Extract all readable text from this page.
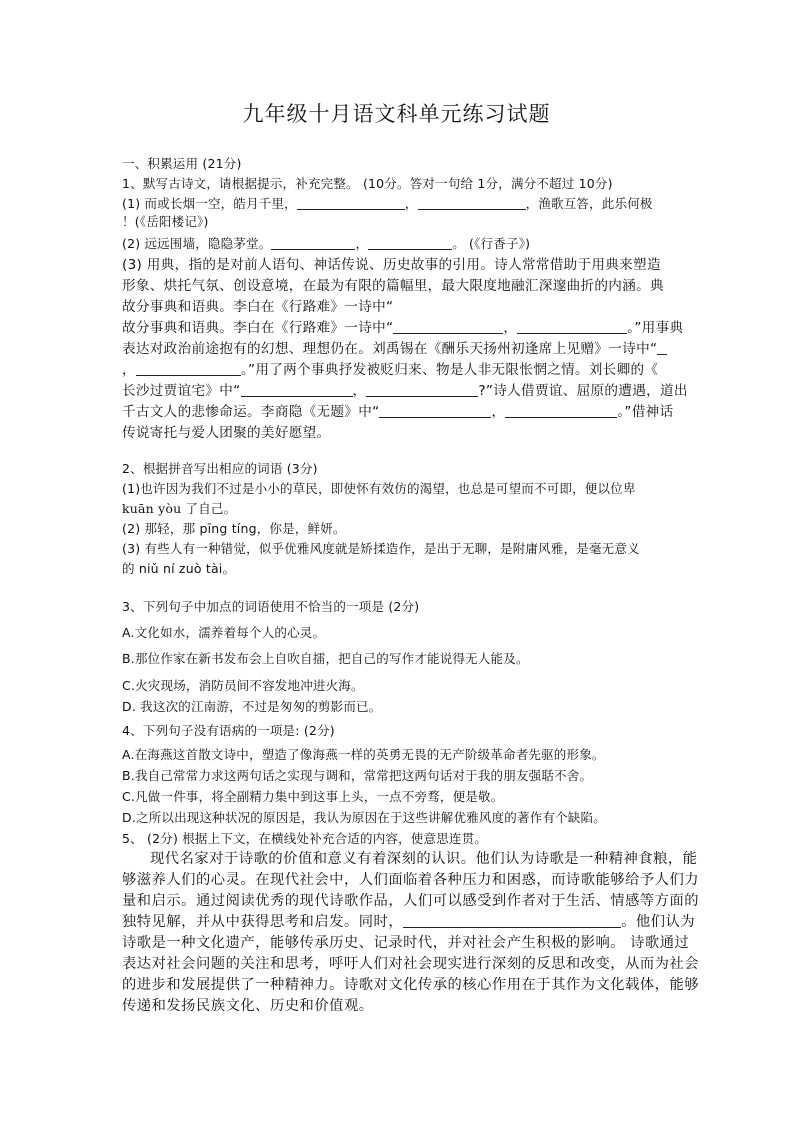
九年级十月语文科单元练习试题
一、积累运用 (21分)
1、默写古诗文，请根据提示，补充完整。 (10分。答对一句给 1分，满分不超过 10分)
(1) 而或长烟一空，皓月千里，	，	，渔歌互答，此乐何极
！(《岳阳楼记》)
(2) 远远围墙，隐隐茅堂。	，	。 (《行香子》)
(3) 用典，指的是对前人语句、神话传说、历史故事的引用。诗人常常借助于用典来塑造
形象、烘托气氛、创设意境，在最为有限的篇幅里，最大限度地融汇深邃曲折的内涵。典
故分事典和语典。李白在《行路难》一诗中“
故分事典和语典。李白在《行路难》一诗中“	，	。”用事典
表达对政治前途抱有的幻想、理想仍在。刘禹锡在《酬乐天扬州初逢席上见赠》一诗中“
，	。”用了两个事典抒发被贬归来、物是人非无限怅惘之情。刘长卿的《
长沙过贾谊宅》中“	，	?”诗人借贾谊、屈原的遭遇，道出
千古文人的悲惨命运。李商隐《无题》中“	，	。”借神话
传说寄托与爱人团聚的美好愿望。
2、根据拼音写出相应的词语 (3分)
(1)也许因为我们不过是小小的草民，即使怀有效仿的渴望，也总是可望而不可即，便以位卑
kuān yòu 了自己。
(2) 那轻，那 pīng tíng，你是，鲜妍。
(3) 有些人有一种错觉，似乎优雅风度就是矫揉造作，是出于无聊，是附庸风雅，是毫无意义
的 niǔ ní zuò tài。
3、下列句子中加点的词语使用不恰当的一项是 (2分)
A.文化如水，濡养着每个人的心灵。
B.那位作家在新书发布会上自吹自擂，把自己的写作才能说得无人能及。
C.火灾现场，消防员间不容发地冲进火海。
D. 我这次的江南游，不过是匆匆的剪影而已。
4、下列句子没有语病的一项是: (2分)
A.在海燕这首散文诗中，塑造了像海燕一样的英勇无畏的无产阶级革命者先驱的形象。
B.我自己常常力求这两句话之实现与调和，常常把这两句话对于我的朋友强聒不舍。
C.凡做一件事，将全副精力集中到这事上头，一点不旁骛，便是敬。
D.之所以出现这种状况的原因是，我认为原因在于这些讲解优雅风度的著作有个缺陷。
5、 (2分) 根据上下文，在横线处补充合适的内容，使意思连贯。
现代名家对于诗歌的价值和意义有着深刻的认识。他们认为诗歌是一种精神食粮，能
够滋养人们的心灵。在现代社会中，人们面临着各种压力和困惑，而诗歌能够给予人们力
量和启示。通过阅读优秀的现代诗歌作品，人们可以感受到作者对于生活、情感等方面的
独特见解，并从中获得思考和启发。同时，	。他们认为
诗歌是一种文化遗产，能够传承历史、记录时代，并对社会产生积极的影响。 诗歌通过
表达对社会问题的关注和思考，呼吁人们对社会现实进行深刻的反思和改变，从而为社会
的进步和发展提供了一种精神力。诗歌对文化传承的核心作用在于其作为文化载体，能够
传递和发扬民族文化、历史和价值观。
